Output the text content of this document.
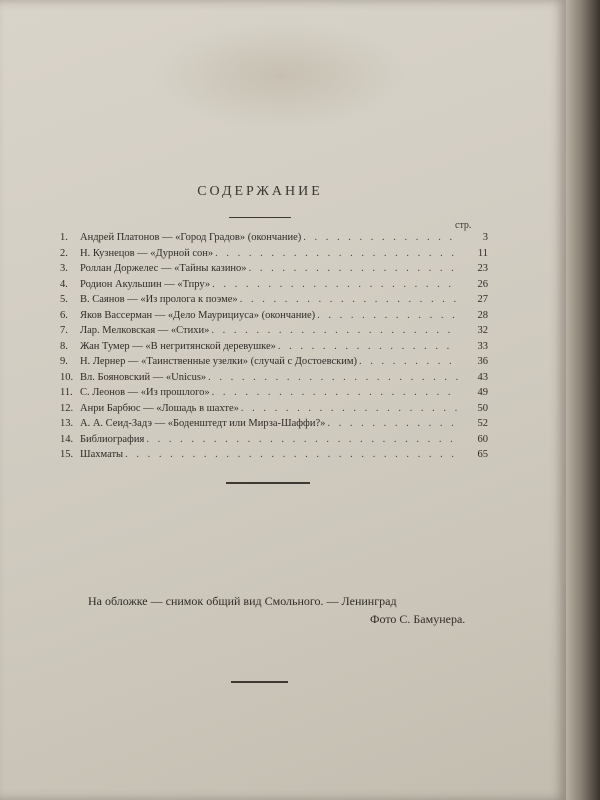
СОДЕРЖАНИЕ
стр.
1.	Андрей Платонов — «Город Градов» (окончание) . . .	3
2.	Н. Кузнецов — «Дурной сон» . . .	11
3.	Роллан Доржелес — «Тайны казино» . . .	23
4.	Родион Акульшин — «Тпру» . . .	26
5.	В. Саянов — «Из пролога к поэме» . . .	27
6.	Яков Вассерман — «Дело Маурициуса» (окончание) . . .	28
7.	Лар. Мелковская — «Стихи» . . .	32
8.	Жан Тумер — «В негритянской деревушке» . . .	33
9.	Н. Лернер — «Таинственные узелки» (случай с Достоевским) . . .	36
10. Вл. Бояновский — «Unicus» . . .	43
11. С. Леонов — «Из прошлого» . . .	49
12. Анри Барбюс — «Лошадь в шахте» . . .	50
13. А. А. Сеид-Задэ — «Боденштедт или Мирза-Шаффи?» . . .	52
14. Библиография . . .	60
15. Шахматы . . .	65
На обложке — снимок общий вид Смольного. — Ленинград
Фото С. Бамунера.
